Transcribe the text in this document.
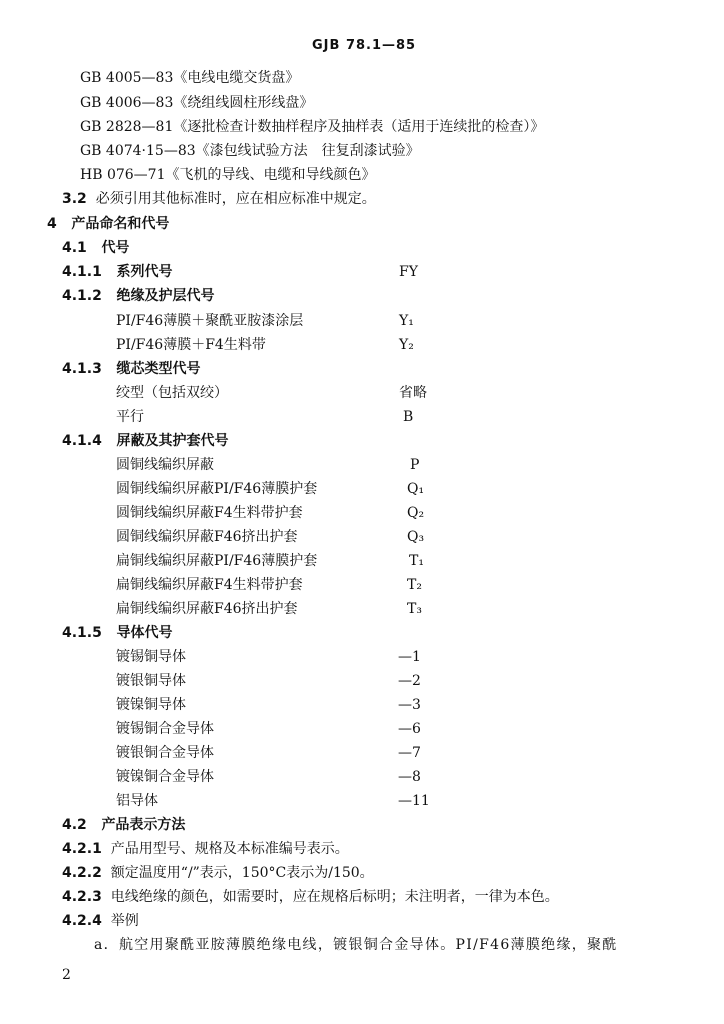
GJB 78.1—85
GB 4005—83《电线电缆交货盘》
GB 4006—83《绕组线圆柱形线盘》
GB 2828—81《逐批检查计数抽样程序及抽样表（适用于连续批的检查）》
GB 4074·15—83《漆包线试验方法　往复刮漆试验》
HB 076—71《飞机的导线、电缆和导线颜色》
3.2 必须引用其他标准时，应在相应标准中规定。
4 产品命名和代号
4.1 代号
4.1.1 系列代号	FY
4.1.2 绝缘及护层代号
PI/F46薄膜＋聚酰亚胺漆涂层	Y₁
PI/F46薄膜＋F4生料带	Y₂
4.1.3 缆芯类型代号
绞型（包括双绞）	省略
平行	B
4.1.4 屏蔽及其护套代号
圆铜线编织屏蔽	P
圆铜线编织屏蔽PI/F46薄膜护套	Q₁
圆铜线编织屏蔽F4生料带护套	Q₂
圆铜线编织屏蔽F46挤出护套	Q₃
扁铜线编织屏蔽PI/F46薄膜护套	T₁
扁铜线编织屏蔽F4生料带护套	T₂
扁铜线编织屏蔽F46挤出护套	T₃
4.1.5 导体代号
镀锡铜导体	—1
镀银铜导体	—2
镀镍铜导体	—3
镀锡铜合金导体	—6
镀银铜合金导体	—7
镀镍铜合金导体	—8
铝导体	—11
4.2 产品表示方法
4.2.1 产品用型号、规格及本标准编号表示。
4.2.2 额定温度用“/”表示，150°C表示为/150。
4.2.3 电线绝缘的颜色，如需要时，应在规格后标明；未注明者，一律为本色。
4.2.4 举例
a．航空用聚酰亚胺薄膜绝缘电线，镀银铜合金导体。PI/F46薄膜绝缘，聚酰
2
